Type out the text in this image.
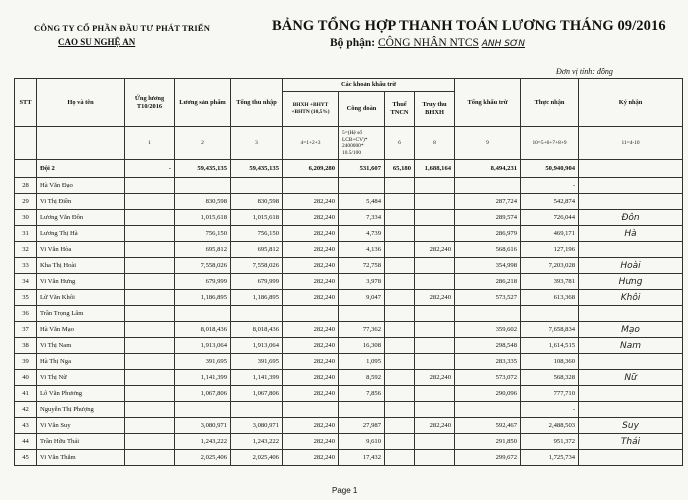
CÔNG TY CỔ PHẦN ĐẦU TƯ PHÁT TRIỂN
CAO SU NGHỆ AN
BẢNG TỔNG HỢP THANH TOÁN LƯƠNG THÁNG 09/2016
Bộ phận: CÔNG NHÂN NTCS ANH SƠN
Đơn vị tính: đồng
STT	Họ và tên	Ứng lương T10/2016	Lương sản phẩm	Tổng thu nhập	Các khoản khấu trừ				Tổng khấu trừ	Thực nhận	Ký nhận
					BHXH +BHYT +BHTN (10,5%)	Công đoàn	Thuế TNCN	Truy thu BHXH			
		1	2	3	4=1+2+3	5=(Hệ số LCB+CV)* 2400000* 10.5/100	6	8	9	10=5+6+7+8+9	11=4-10
	Đội 2	-	59,435,135	59,435,135	6,209,280	531,607	65,180	1,688,164	8,494,231	50,940,904	
28	Hà Văn Đạo									-	
29	Vi Thị Điền		830,598	830,598	282,240	5,484			287,724	542,874	
30	Lương Văn Đôn		1,015,618	1,015,618	282,240	7,334			289,574	726,044	Đôn
31	Lương Thị Hà		756,150	756,150	282,240	4,739			286,979	469,171	Hà
32	Vi Văn Hòa		695,812	695,812	282,240	4,136		282,240	568,616	127,196	
33	Kha Thị Hoài		7,558,026	7,558,026	282,240	72,758			354,998	7,203,028	Hoài
34	Vi Văn Hưng		679,999	679,999	282,240	3,978			286,218	393,781	Hưng
35	Lữ Văn Khôi		1,186,895	1,186,895	282,240	9,047		282,240	573,527	613,368	Khôi
36	Trần Trọng Lâm										
37	Hà Văn Mạo		8,018,436	8,018,436	282,240	77,362			359,602	7,658,834	Mạo
38	Vi Thị Nam		1,913,064	1,913,064	282,240	16,308			298,548	1,614,515	Nam
39	Hà Thị Nga		391,695	391,695	282,240	1,095			283,335	108,360	
40	Vi Thị Nữ		1,141,399	1,141,399	282,240	8,592		282,240	573,072	568,328	Nữ
41	Lô Văn Phương		1,067,806	1,067,806	282,240	7,856			290,096	777,710	
42	Nguyễn Thị Phượng									-	
43	Vi Văn Suy		3,080,971	3,080,971	282,240	27,987		282,240	592,467	2,488,503	Suy
44	Trần Hữu Thái		1,243,222	1,243,222	282,240	9,610			291,850	951,372	Thái
45	Vi Văn Thắm		2,025,406	2,025,406	282,240	17,432			299,672	1,725,734	
Page 1
